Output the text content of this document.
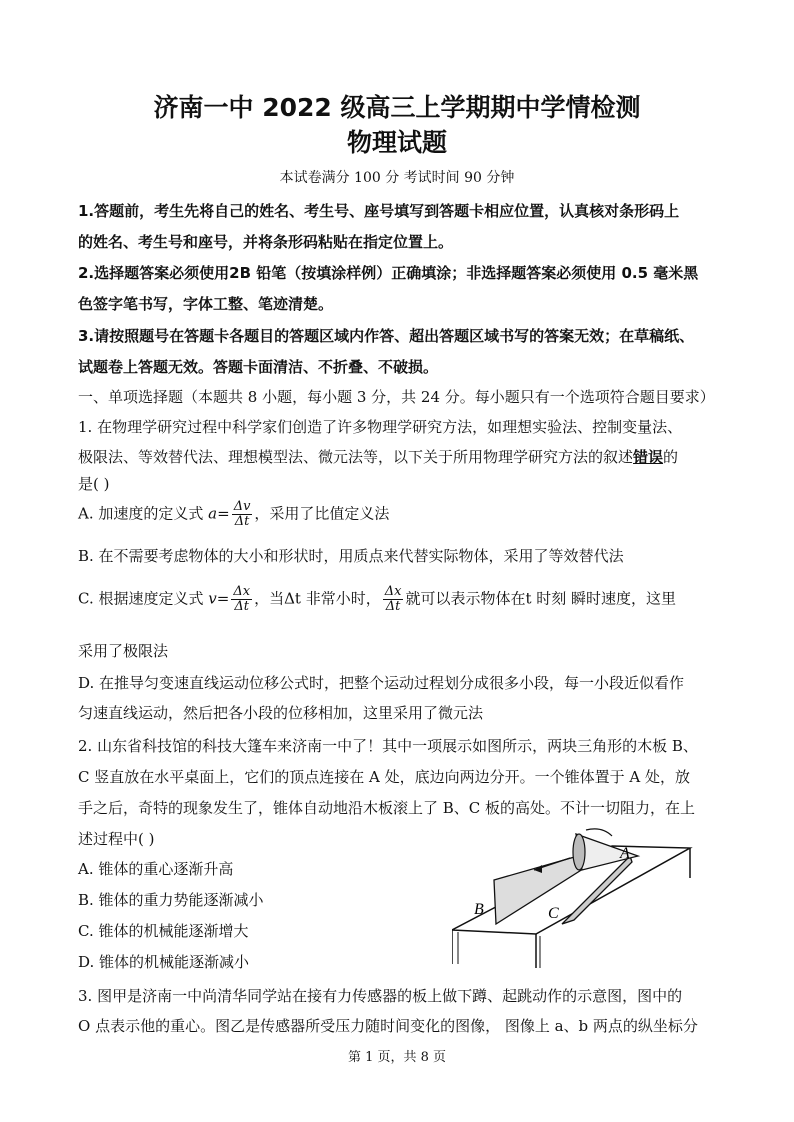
济南一中 2022 级高三上学期期中学情检测
物理试题
本试卷满分 100 分 考试时间 90 分钟
1.答题前，考生先将自己的姓名、考生号、座号填写到答题卡相应位置，认真核对条形码上
的姓名、考生号和座号，并将条形码粘贴在指定位置上。
2.选择题答案必须使用2B 铅笔（按填涂样例）正确填涂；非选择题答案必须使用 0.5 毫米黑
色签字笔书写，字体工整、笔迹清楚。
3.请按照题号在答题卡各题目的答题区域内作答、超出答题区域书写的答案无效；在草稿纸、
试题卷上答题无效。答题卡面清洁、不折叠、不破损。
一、单项选择题（本题共 8 小题，每小题 3 分，共 24 分。每小题只有一个选项符合题目要求）
1. 在物理学研究过程中科学家们创造了许多物理学研究方法，如理想实验法、控制变量法、
极限法、等效替代法、理想模型法、微元法等，以下关于所用物理学研究方法的叙述错误的
是( )
A. 加速度的定义式 $a= \frac{\Delta v}{\Delta t}$ ，采用了比值定义法
B. 在不需要考虑物体的大小和形状时，用质点来代替实际物体，采用了等效替代法
C. 根据速度定义式 $v= \frac{\Delta x}{\Delta t}$ ，当Δt 非常小时， $\frac{\Delta x}{\Delta t}$ 就可以表示物体在t 时刻 瞬时速度，这里
采用了极限法
D. 在推导匀变速直线运动位移公式时，把整个运动过程划分成很多小段，每一小段近似看作
匀速直线运动，然后把各小段的位移相加，这里采用了微元法
2. 山东省科技馆的科技大篷车来济南一中了！其中一项展示如图所示，两块三角形的木板 B、
C 竖直放在水平桌面上，它们的顶点连接在 A 处，底边向两边分开。一个锥体置于 A 处，放
手之后，奇特的现象发生了，锥体自动地沿木板滚上了 B、C 板的高处。不计一切阻力，在上
述过程中( )
A. 锥体的重心逐渐升高
B. 锥体的重力势能逐渐减小
C. 锥体的机械能逐渐增大
D. 锥体的机械能逐渐减小
A
B	C
3. 图甲是济南一中尚清华同学站在接有力传感器的板上做下蹲、起跳动作的示意图，图中的
O 点表示他的重心。图乙是传感器所受压力随时间变化的图像， 图像上 a、b 两点的纵坐标分
第 1 页，共 8 页
